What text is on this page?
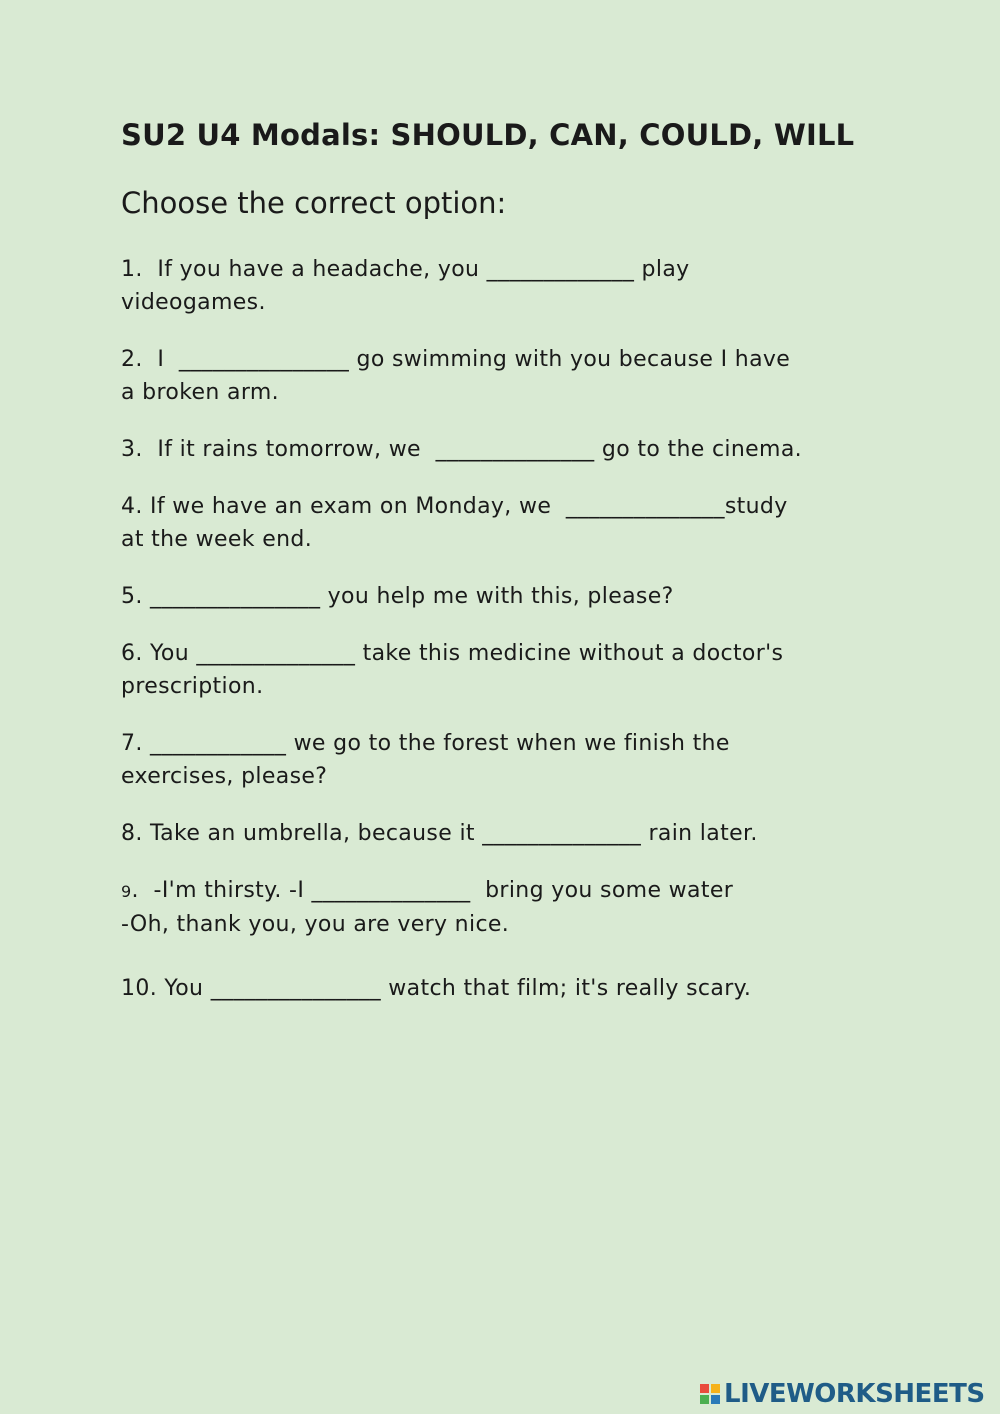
SU2 U4 Modals: SHOULD, CAN, COULD, WILL
Choose the correct option:
1.  If you have a headache, you _____________ play
videogames.
2.  I  _______________ go swimming with you because I have
a broken arm.
3.  If it rains tomorrow, we  ______________ go to the cinema.
4. If we have an exam on Monday, we  ______________study
at the week end.
5. _______________ you help me with this, please?
6. You ______________ take this medicine without a doctor's
prescription.
7. ____________ we go to the forest when we finish the
exercises, please?
8. Take an umbrella, because it ______________ rain later.
9.  -I'm thirsty. -I ______________  bring you some water
-Oh, thank you, you are very nice.
10. You _______________ watch that film; it's really scary.
LIVEWORKSHEETS
